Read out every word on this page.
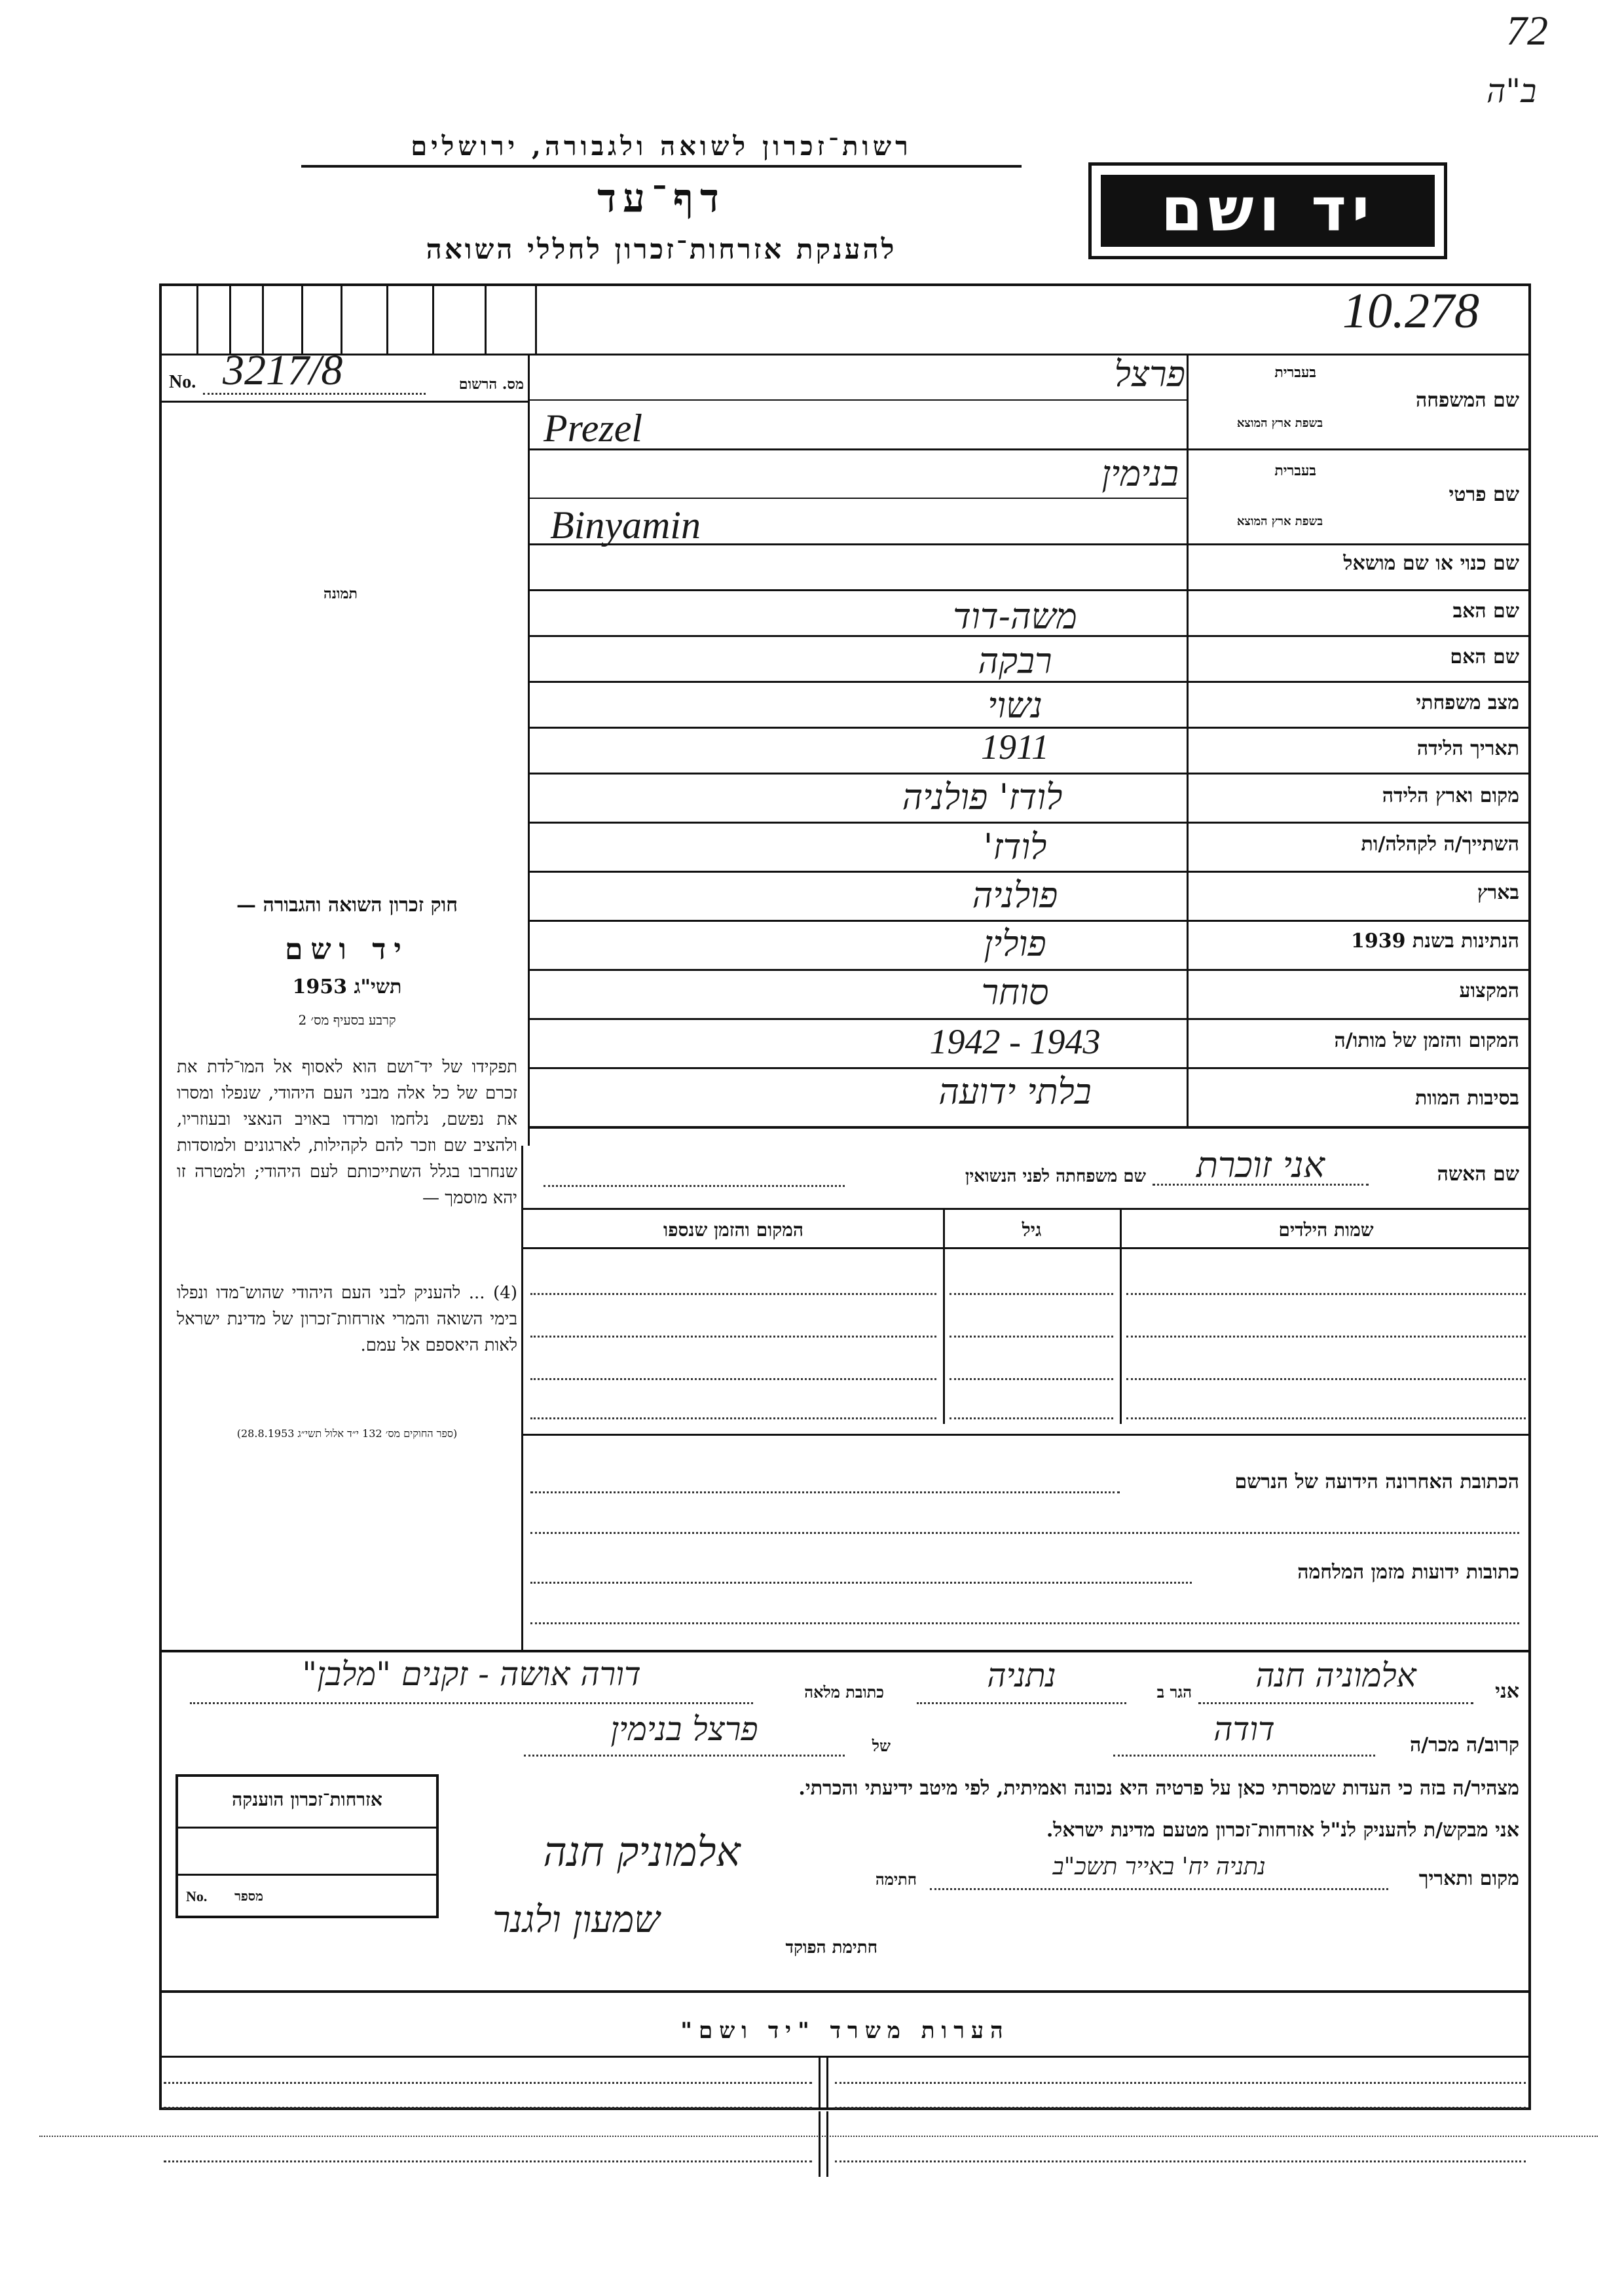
72
ב"ה
רשות־זכרון לשואה ולגבורה, ירושלים
דף־עד
להענקת אזרחות־זכרון לחללי השואה
יד ושם
10.278
No. 3217/8	מס. הרשום
תמונה
שם המשפחה
בעברית
בשפת ארץ המוצא
פרצל
Prezel
שם פרטי
בעברית
בשפת ארץ המוצא
בנימין
Binyamin
שם כנוי או שם מושאל
שם האב
משה-דוד
שם האם
רבקה
מצב משפחתי
נשוי
תאריך הלידה
1911
מקום וארץ הלידה
לודז' פולניה
השתייך/ה לקהלה/ות
לודז'
בארץ
פולניה
הנתינות בשנת 1939
פולין
המקצוע
סוחר
המקום והזמן של מותו/ה
1942 - 1943
בסיבות המוות
בלתי ידועה
שם האשה
אני זוכרת
שם משפחתה לפני הנשואין
שמות הילדים
גיל
המקום והזמן שנספו
הכתובת האחרונה הידועה של הנרשם
כתובות ידועות מזמן המלחמה
חוק זכרון השואה והגבורה —
יד ושם
תשי"ג 1953
קרבע בסעיף מס׳ 2
תפקידו של יד־ושם הוא לאסוף אל המו־לדת את זכרם של כל אלה מבני העם היהודי, שנפלו ומסרו את נפשם, נלחמו ומרדו באויב הנאצי ובעוזריו, ולהציב שם וזכר להם לקהילות, לארגונים ולמוסדות שנחרבו בגלל השתייכותם לעם היהודי; ולמטרה זו יהא מוסמך —
(4) ... להעניק לבני העם היהודי שהוש־מדו ונפלו בימי השואה והמרי אזרחות־זכרון של מדינת ישראל לאות היאספם אל עמם.
(ספר החוקים מס׳ 132 י״ד אלול תשי״ג 28.8.1953)
אני
אלמוניה חנה
הגר ב
נתניה
כתובת מלאה
דורה אושה - זקנים "מלבן"
קרוב/ה מכר/ה
דודה
של
פרצל בנימין
מצהיר/ה בזה כי העדות שמסרתי כאן על פרטיה היא נכונה ואמיתית, לפי מיטב ידיעתי והכרתי.
אני מבקש/ת להעניק לנ"ל אזרחות־זכרון מטעם מדינת ישראל.
מקום ותאריך
נתניה יח' באייר תשכ"ב
חתימה
אלמוניק חנה
חתימת הפוקד
שמעון ולגנר
אזרחות־זכרון הוענקה
No.	מספר
הערות משרד "יד ושם"
